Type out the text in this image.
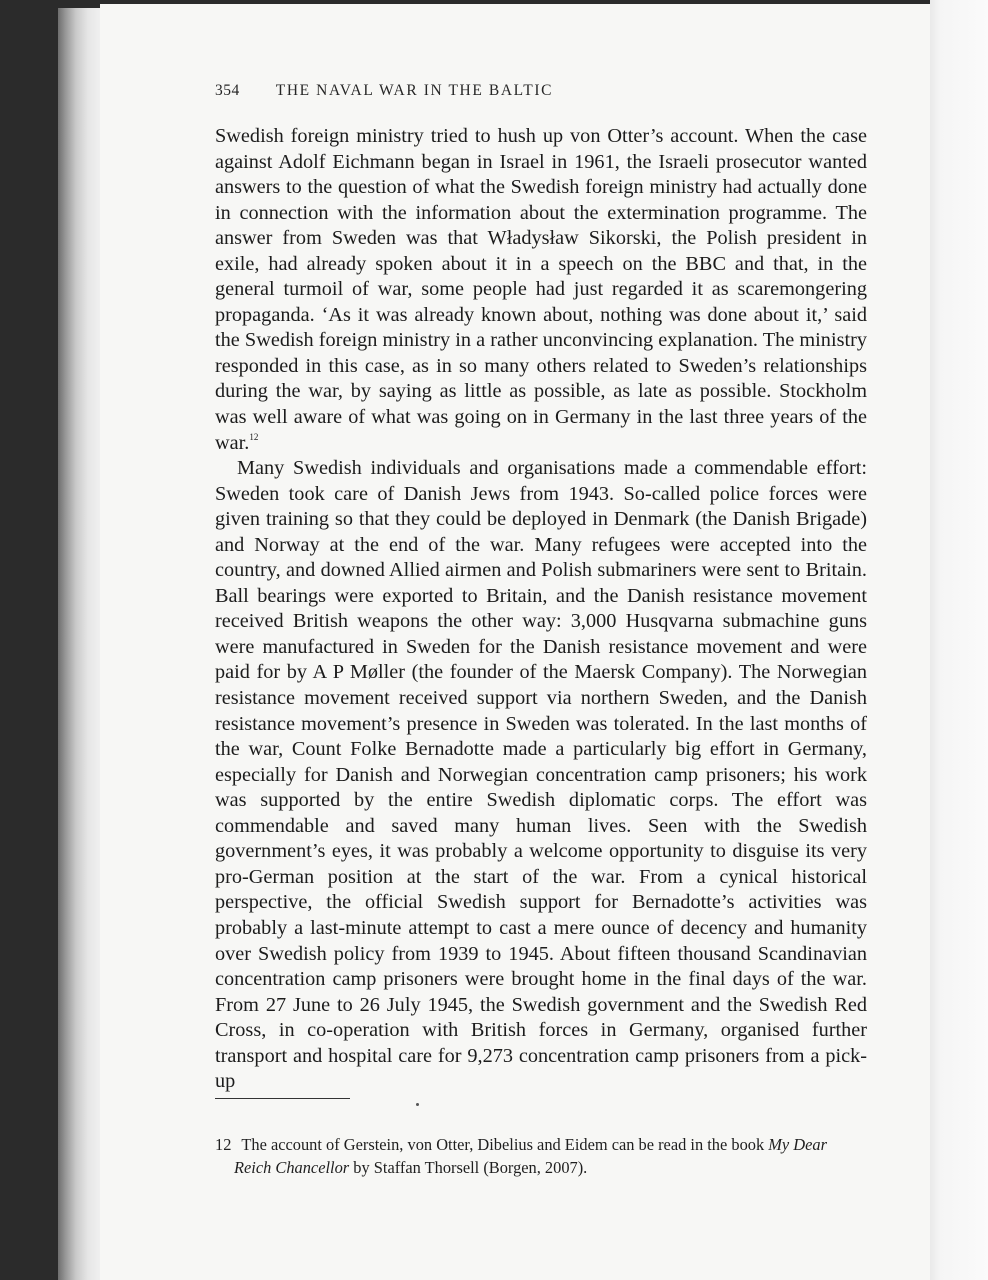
354 THE NAVAL WAR IN THE BALTIC

Swedish foreign ministry tried to hush up von Otter’s account. When the case against Adolf Eichmann began in Israel in 1961, the Israeli prosecutor wanted answers to the question of what the Swedish foreign ministry had actually done in connection with the information about the extermination programme. The answer from Sweden was that Władysław Sikorski, the Polish president in exile, had already spoken about it in a speech on the BBC and that, in the general turmoil of war, some people had just regarded it as scaremongering propaganda. ‘As it was already known about, nothing was done about it,’ said the Swedish foreign ministry in a rather unconvincing explanation. The ministry responded in this case, as in so many others related to Sweden’s relationships during the war, by saying as little as possible, as late as possible. Stockholm was well aware of what was going on in Germany in the last three years of the war.$^{12}$

Many Swedish individuals and organisations made a commendable effort: Sweden took care of Danish Jews from 1943. So-called police forces were given training so that they could be deployed in Denmark (the Danish Brigade) and Norway at the end of the war. Many refugees were accepted into the country, and downed Allied airmen and Polish submariners were sent to Britain. Ball bearings were exported to Britain, and the Danish resistance movement received British weapons the other way: 3,000 Husqvarna submachine guns were manufactured in Sweden for the Danish resistance movement and were paid for by A P Møller (the founder of the Maersk Company). The Norwegian resistance movement received support via northern Sweden, and the Danish resistance movement’s presence in Sweden was tolerated. In the last months of the war, Count Folke Bernadotte made a particularly big effort in Germany, especially for Danish and Norwegian concentration camp prisoners; his work was supported by the entire Swedish diplomatic corps. The effort was commendable and saved many human lives. Seen with the Swedish government’s eyes, it was probably a welcome opportunity to disguise its very pro-German position at the start of the war. From a cynical historical perspective, the official Swedish support for Bernadotte’s activities was probably a last-minute attempt to cast a mere ounce of decency and humanity over Swedish policy from 1939 to 1945. About fifteen thousand Scandinavian concentration camp prisoners were brought home in the final days of the war. From 27 June to 26 July 1945, the Swedish government and the Swedish Red Cross, in co-operation with British forces in Germany, organised further transport and hospital care for 9,273 concentration camp prisoners from a pick-up

12 The account of Gerstein, von Otter, Dibelius and Eidem can be read in the book My Dear
Reich Chancellor by Staffan Thorsell (Borgen, 2007).
